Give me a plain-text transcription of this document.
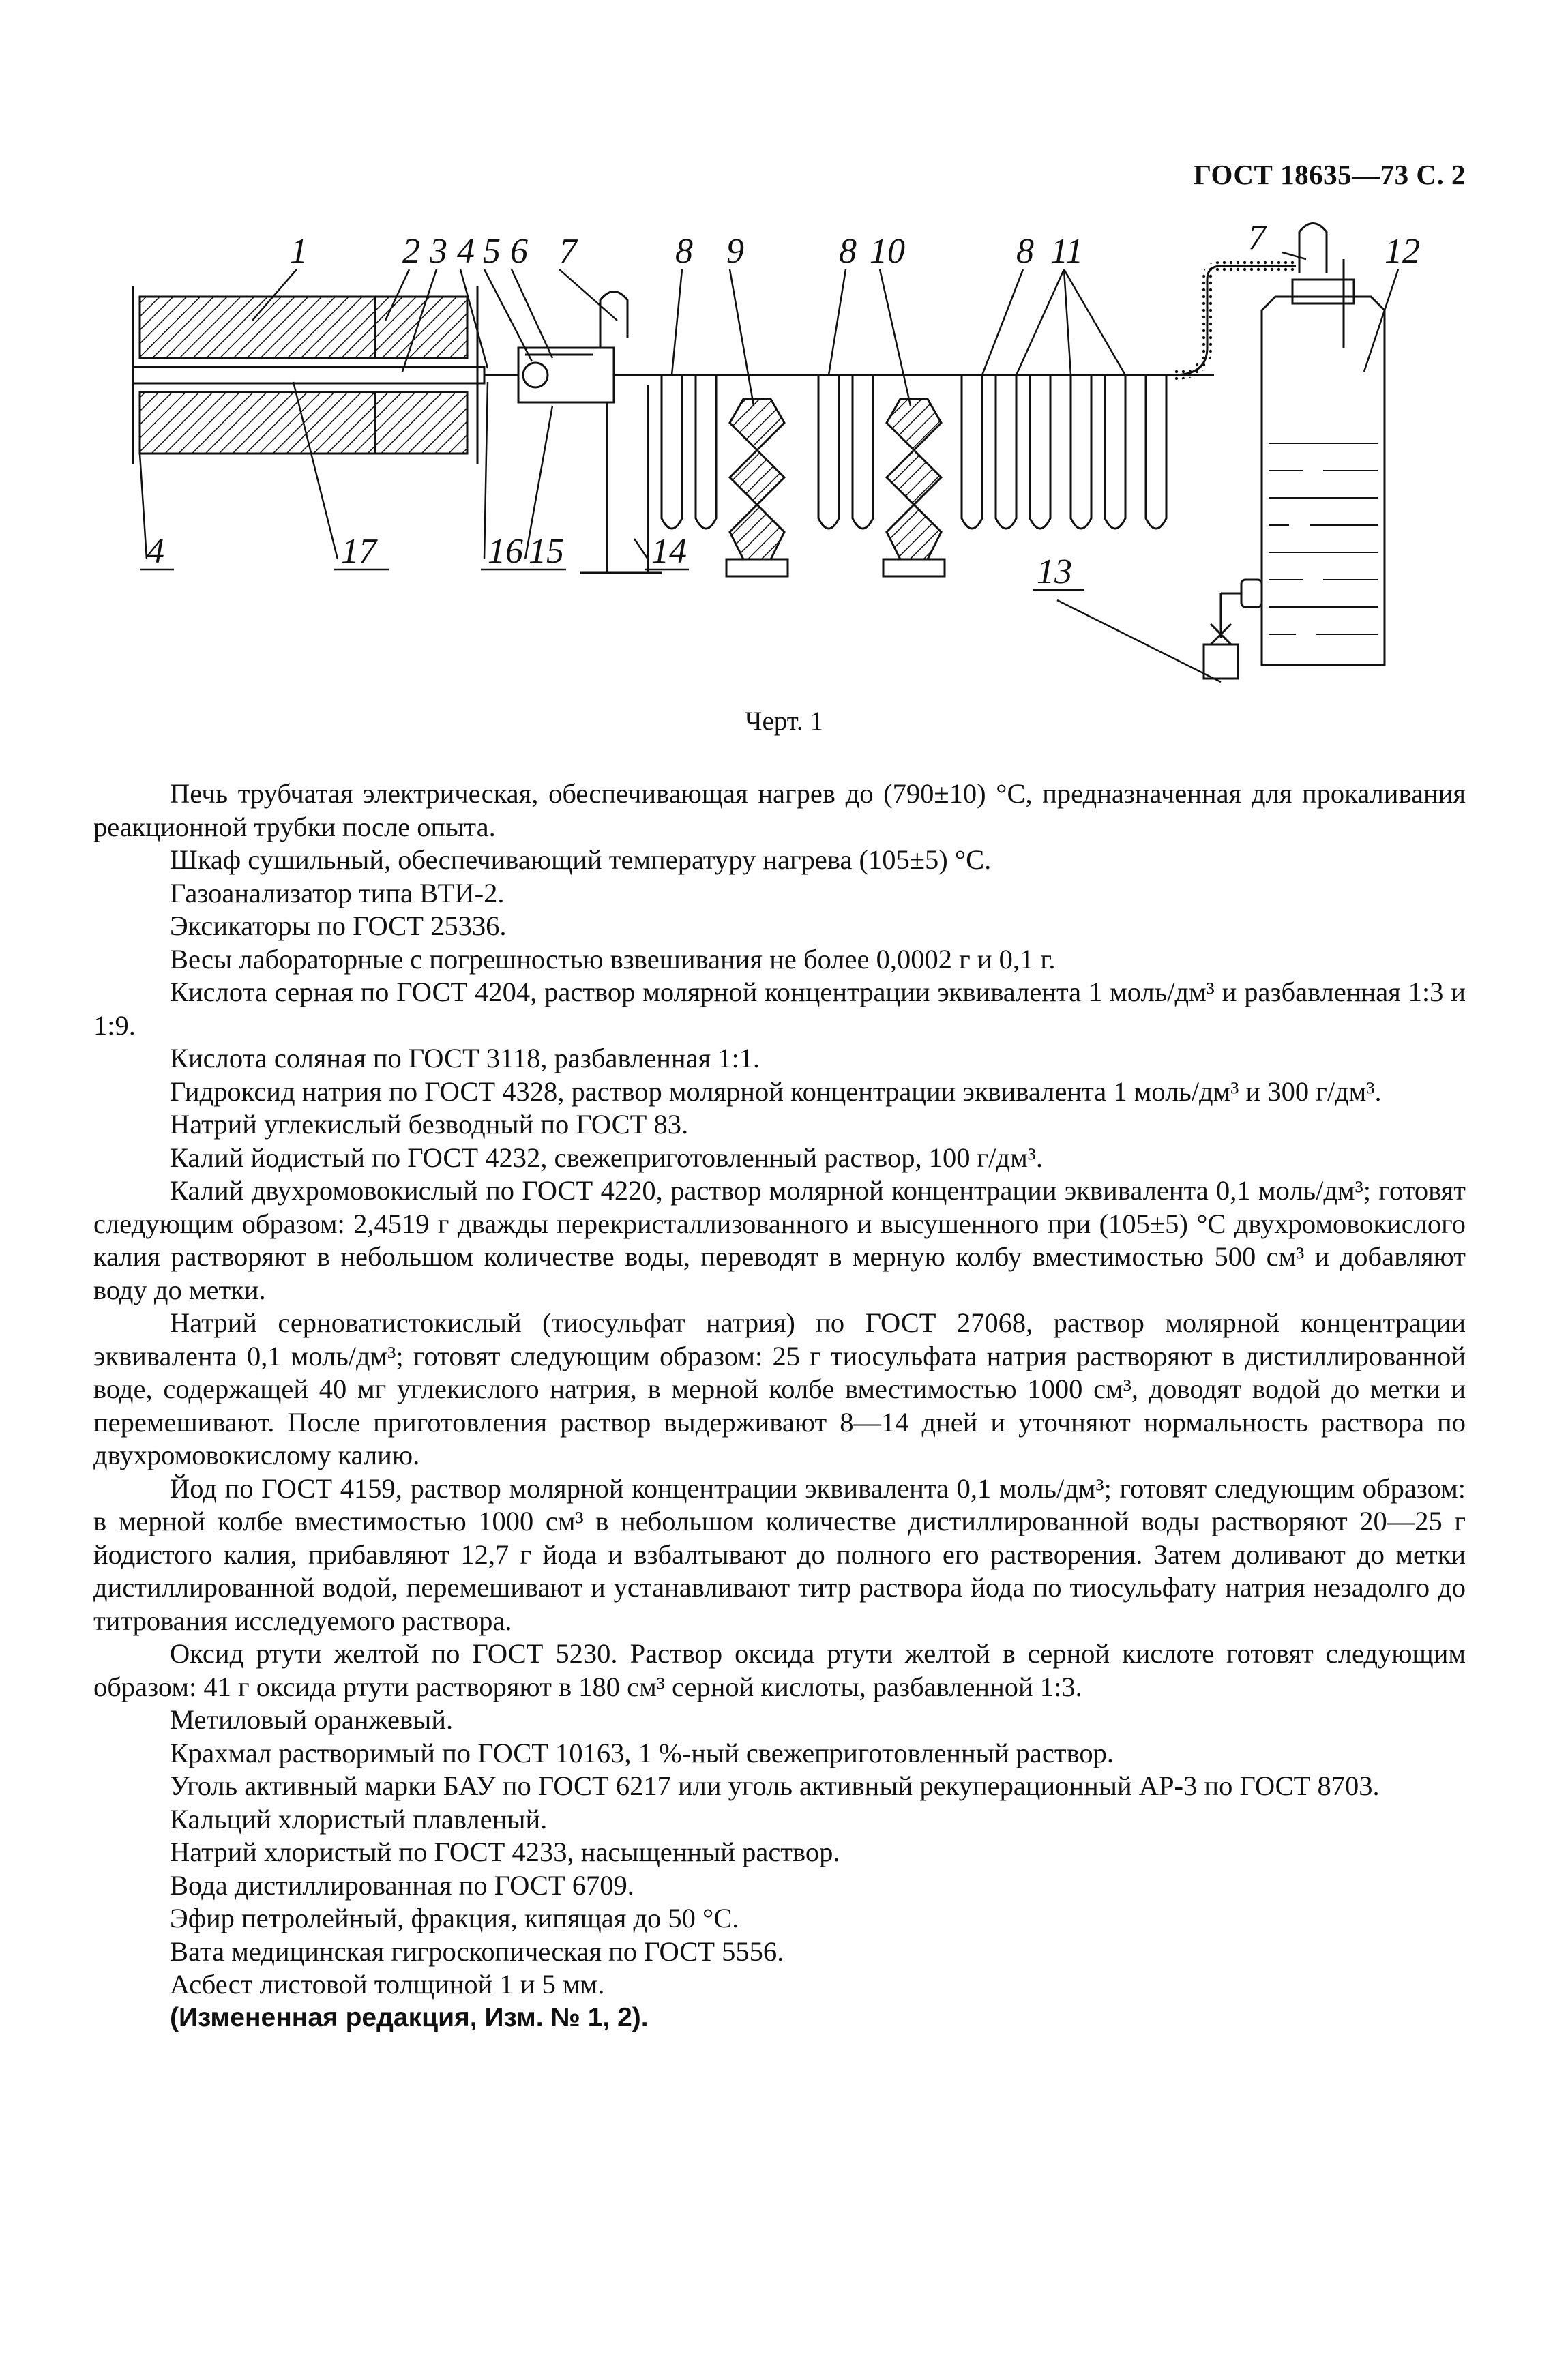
ГОСТ 18635—73 С. 2
1	2 3 4 5 6 7	8 9	8 10	8 11	7	12
4	17	16 15 14
13
Черт. 1

Печь трубчатая электрическая, обеспечивающая нагрев до (790±10) °С, предназначенная для прокаливания реакционной трубки после опыта.

Шкаф сушильный, обеспечивающий температуру нагрева (105±5) °С.

Газоанализатор типа ВТИ-2.

Эксикаторы по ГОСТ 25336.

Весы лабораторные с погрешностью взвешивания не более 0,0002 г и 0,1 г.

Кислота серная по ГОСТ 4204, раствор молярной концентрации эквивалента 1 моль/дм³ и разбавленная 1:3 и 1:9.

Кислота соляная по ГОСТ 3118, разбавленная 1:1.

Гидроксид натрия по ГОСТ 4328, раствор молярной концентрации эквивалента 1 моль/дм³ и 300 г/дм³.

Натрий углекислый безводный по ГОСТ 83.

Калий йодистый по ГОСТ 4232, свежеприготовленный раствор, 100 г/дм³.

Калий двухромовокислый по ГОСТ 4220, раствор молярной концентрации эквивалента 0,1 моль/дм³; готовят следующим образом: 2,4519 г дважды перекристаллизованного и высушенного при (105±5) °С двухромовокислого калия растворяют в небольшом количестве воды, переводят в мерную колбу вместимостью 500 см³ и добавляют воду до метки.

Натрий серноватистокислый (тиосульфат натрия) по ГОСТ 27068, раствор молярной концентрации эквивалента 0,1 моль/дм³; готовят следующим образом: 25 г тиосульфата натрия растворяют в дистиллированной воде, содержащей 40 мг углекислого натрия, в мерной колбе вместимостью 1000 см³, доводят водой до метки и перемешивают. После приготовления раствор выдерживают 8—14 дней и уточняют нормальность раствора по двухромовокислому калию.

Йод по ГОСТ 4159, раствор молярной концентрации эквивалента 0,1 моль/дм³; готовят следующим образом: в мерной колбе вместимостью 1000 см³ в небольшом количестве дистиллированной воды растворяют 20—25 г йодистого калия, прибавляют 12,7 г йода и взбалтывают до полного его растворения. Затем доливают до метки дистиллированной водой, перемешивают и устанавливают титр раствора йода по тиосульфату натрия незадолго до титрования исследуемого раствора.

Оксид ртути желтой по ГОСТ 5230. Раствор оксида ртути желтой в серной кислоте готовят следующим образом: 41 г оксида ртути растворяют в 180 см³ серной кислоты, разбавленной 1:3.

Метиловый оранжевый.

Крахмал растворимый по ГОСТ 10163, 1 %-ный свежеприготовленный раствор.

Уголь активный марки БАУ по ГОСТ 6217 или уголь активный рекуперационный АР-3 по ГОСТ 8703.

Кальций хлористый плавленый.

Натрий хлористый по ГОСТ 4233, насыщенный раствор.

Вода дистиллированная по ГОСТ 6709.

Эфир петролейный, фракция, кипящая до 50 °С.

Вата медицинская гигроскопическая по ГОСТ 5556.

Асбест листовой толщиной 1 и 5 мм.

(Измененная редакция, Изм. № 1, 2).
